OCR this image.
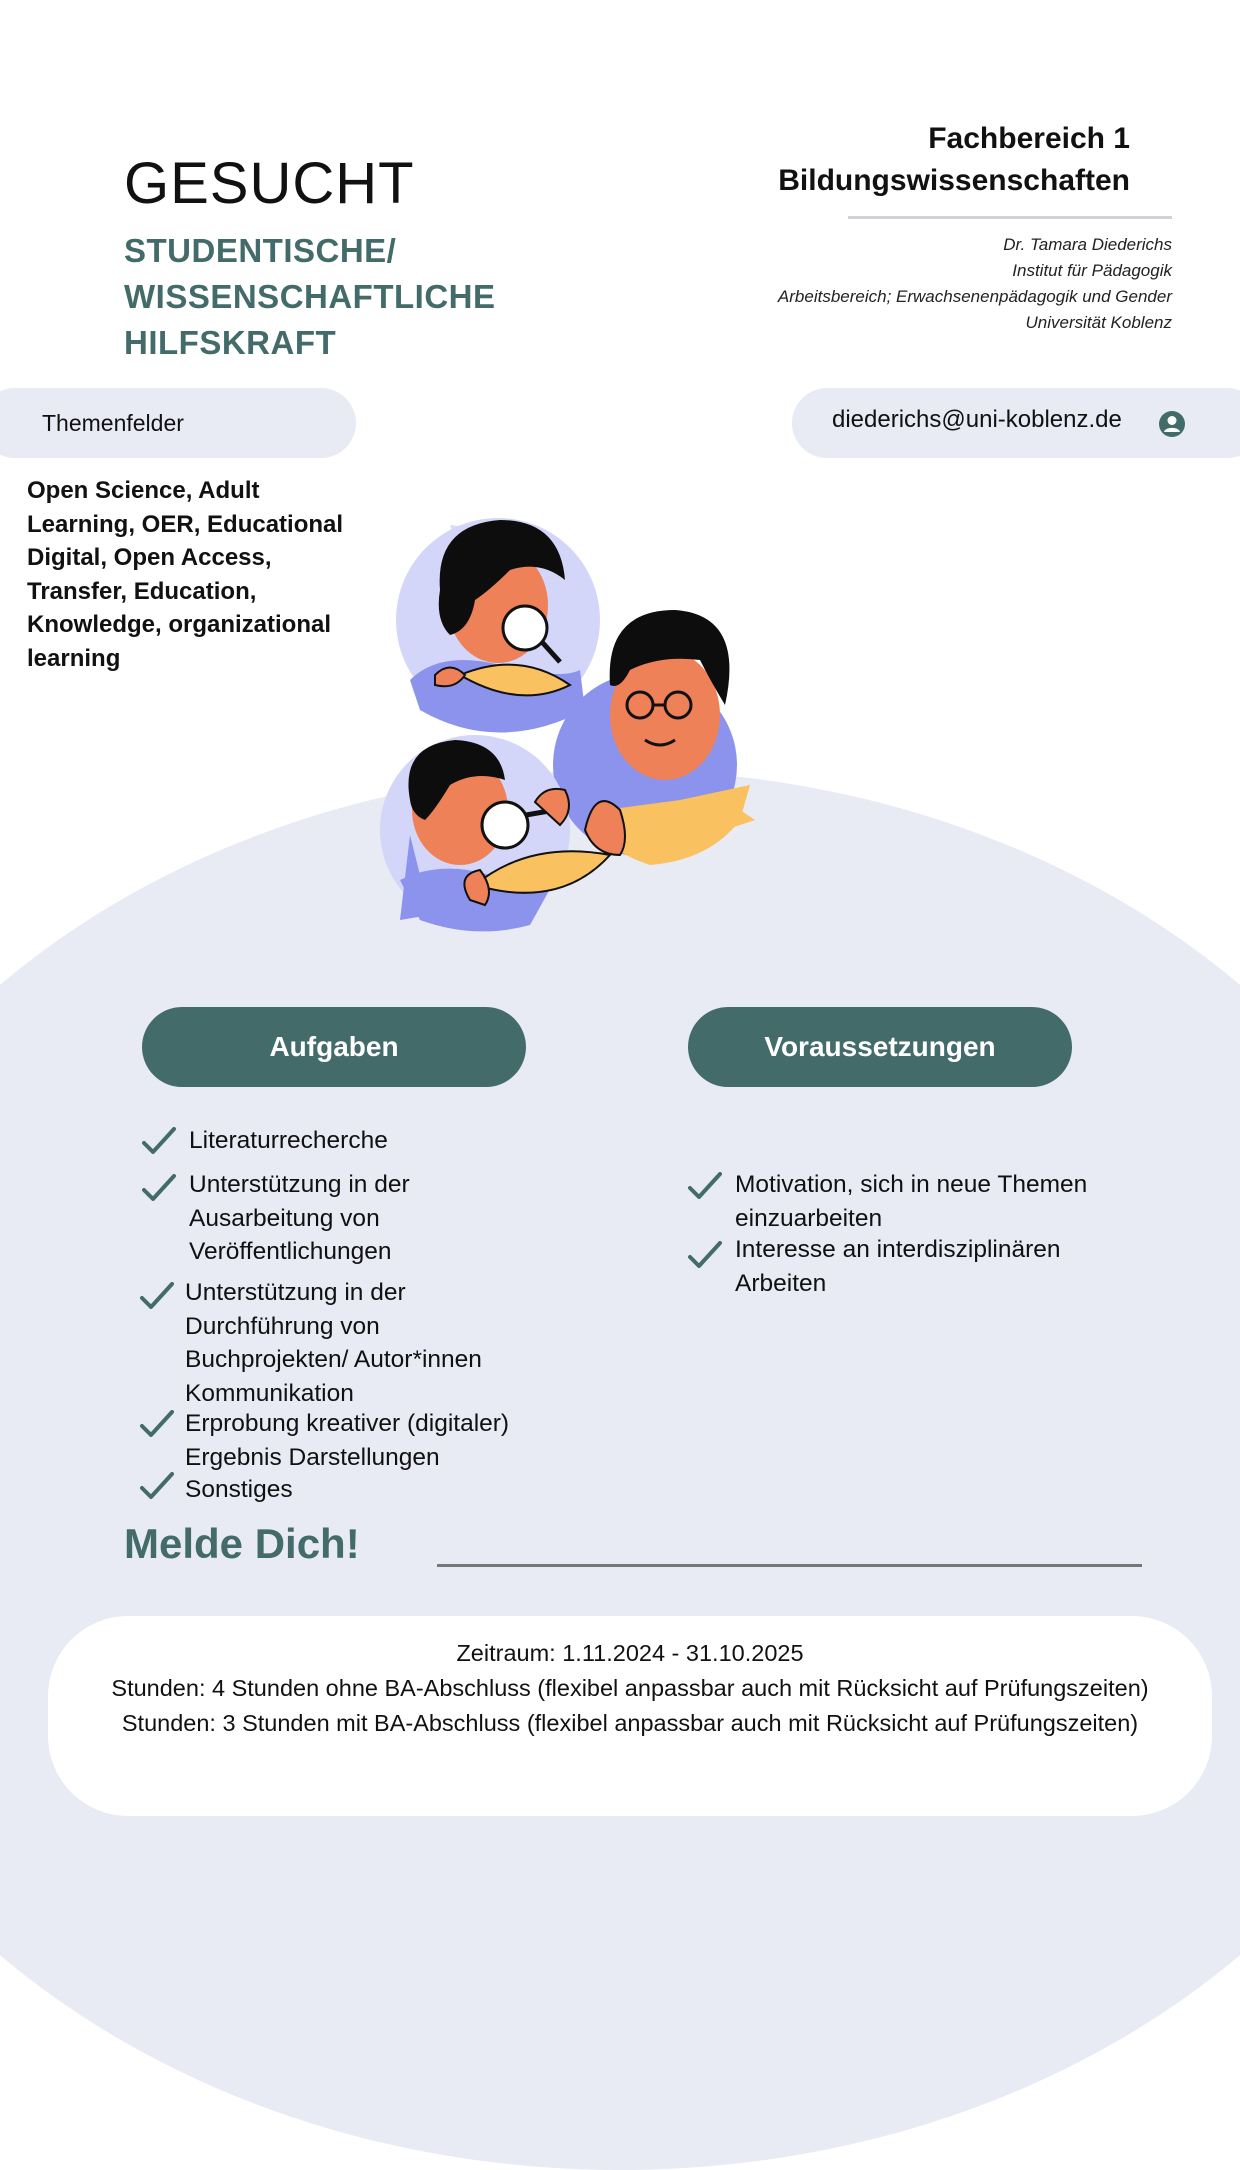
GESUCHT
STUDENTISCHE/
WISSENSCHAFTLICHE
HILFSKRAFT
Fachbereich 1
Bildungswissenschaften
Dr. Tamara Diederichs
Institut für Pädagogik
Arbeitsbereich; Erwachsenenpädagogik und Gender
Universität Koblenz
Themenfelder	diederichs@uni-koblenz.de
Open Science, Adult Learning, OER, Educational Digital, Open Access, Transfer, Education, Knowledge, organizational learning
Aufgaben	Voraussetzungen
Literaturrecherche
Unterstützung in der Ausarbeitung von Veröffentlichungen
Unterstützung in der Durchführung von Buchprojekten/ Autor*innen Kommunikation
Erprobung kreativer (digitaler) Ergebnis Darstellungen
Sonstiges
Motivation, sich in neue Themen einzuarbeiten
Interesse an interdisziplinären Arbeiten
Melde Dich!
Zeitraum: 1.11.2024 - 31.10.2025
Stunden: 4 Stunden ohne BA-Abschluss (flexibel anpassbar auch mit Rücksicht auf Prüfungszeiten)
Stunden: 3 Stunden mit BA-Abschluss (flexibel anpassbar auch mit Rücksicht auf Prüfungszeiten)
